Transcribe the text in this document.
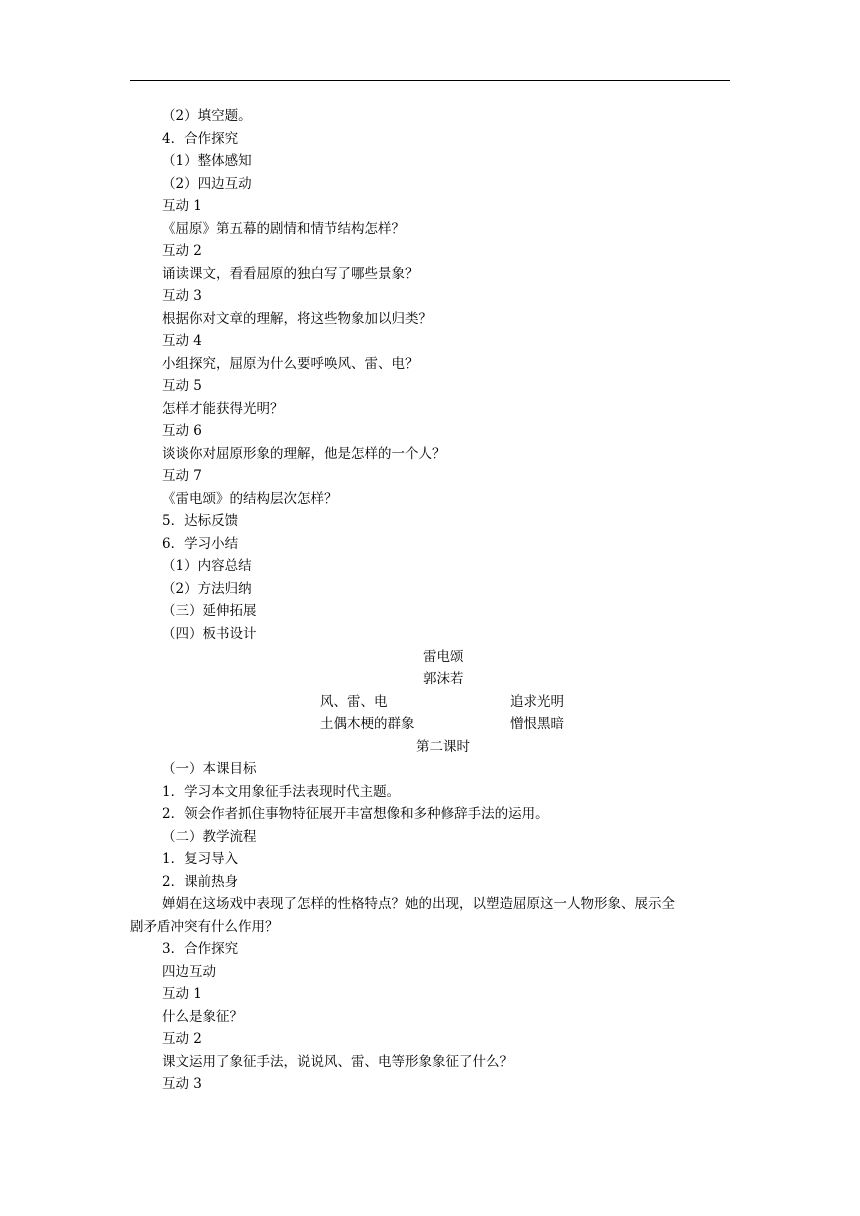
（2）填空题。
4．合作探究
（1）整体感知
（2）四边互动
互动 1
《屈原》第五幕的剧情和情节结构怎样？
互动 2
诵读课文，看看屈原的独白写了哪些景象？
互动 3
根据你对文章的理解，将这些物象加以归类？
互动 4
小组探究，屈原为什么要呼唤风、雷、电？
互动 5
怎样才能获得光明？
互动 6
谈谈你对屈原形象的理解，他是怎样的一个人？
互动 7
《雷电颂》的结构层次怎样？
5．达标反馈
6．学习小结
（1）内容总结
（2）方法归纳
（三）延伸拓展
（四）板书设计
雷电颂
郭沫若
风、雷、电	追求光明
土偶木梗的群象	憎恨黑暗
第二课时
（一）本课目标
1．学习本文用象征手法表现时代主题。
2．领会作者抓住事物特征展开丰富想像和多种修辞手法的运用。
（二）教学流程
1．复习导入
2．课前热身
婵娟在这场戏中表现了怎样的性格特点？她的出现，以塑造屈原这一人物形象、展示全
剧矛盾冲突有什么作用？
3．合作探究
四边互动
互动 1
什么是象征？
互动 2
课文运用了象征手法，说说风、雷、电等形象象征了什么？
互动 3
